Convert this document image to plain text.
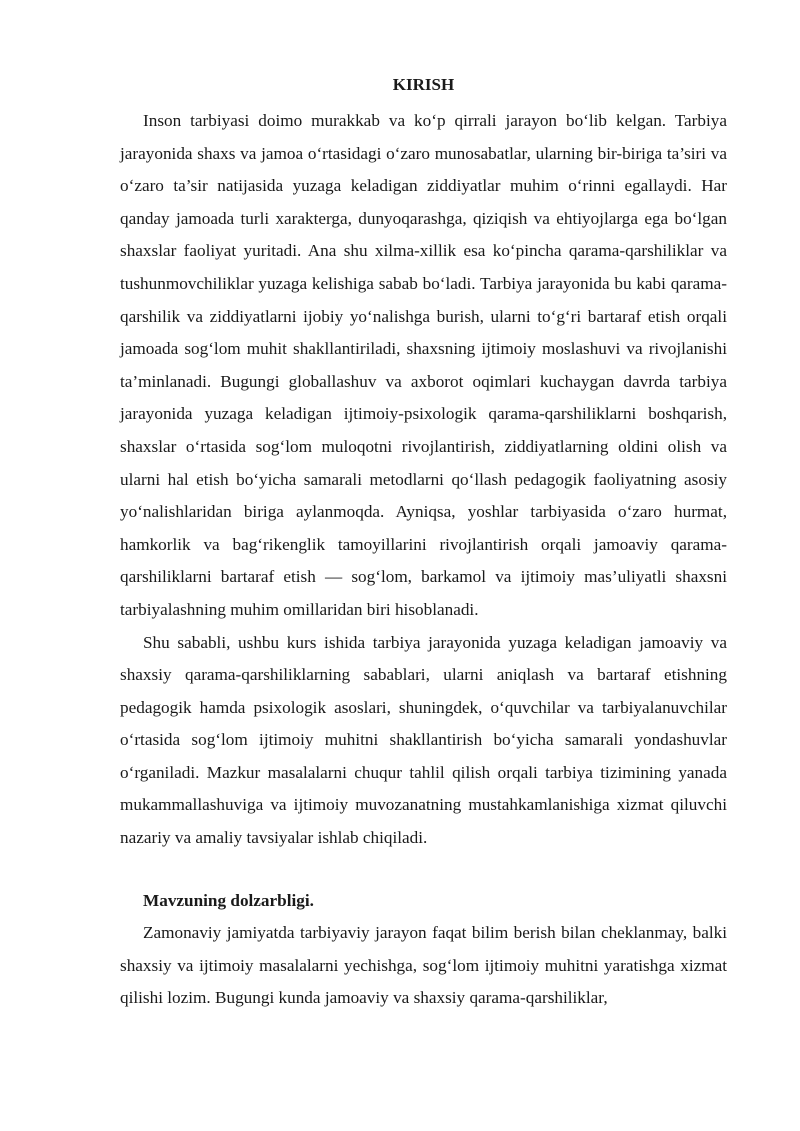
KIRISH

Inson tarbiyasi doimo murakkab va ko‘p qirrali jarayon bo‘lib kelgan. Tarbiya jarayonida shaxs va jamoa o‘rtasidagi o‘zaro munosabatlar, ularning bir-biriga ta’siri va o‘zaro ta’sir natijasida yuzaga keladigan ziddiyatlar muhim o‘rinni egallaydi. Har qanday jamoada turli xarakterga, dunyoqarashga, qiziqish va ehtiyojlarga ega bo‘lgan shaxslar faoliyat yuritadi. Ana shu xilma-xillik esa ko‘pincha qarama-qarshiliklar va tushunmovchiliklar yuzaga kelishiga sabab bo‘ladi. Tarbiya jarayonida bu kabi qarama-qarshilik va ziddiyatlarni ijobiy yo‘nalishga burish, ularni to‘g‘ri bartaraf etish orqali jamoada sog‘lom muhit shakllantiriladi, shaxsning ijtimoiy moslashuvi va rivojlanishi ta’minlanadi. Bugungi globallashuv va axborot oqimlari kuchaygan davrda tarbiya jarayonida yuzaga keladigan ijtimoiy-psixologik qarama-qarshiliklarni boshqarish, shaxslar o‘rtasida sog‘lom muloqotni rivojlantirish, ziddiyatlarning oldini olish va ularni hal etish bo‘yicha samarali metodlarni qo‘llash pedagogik faoliyatning asosiy yo‘nalishlaridan biriga aylanmoqda. Ayniqsa, yoshlar tarbiyasida o‘zaro hurmat, hamkorlik va bag‘rikenglik tamoyillarini rivojlantirish orqali jamoaviy qarama-qarshiliklarni bartaraf etish — sog‘lom, barkamol va ijtimoiy mas’uliyatli shaxsni tarbiyalashning muhim omillaridan biri hisoblanadi.

Shu sababli, ushbu kurs ishida tarbiya jarayonida yuzaga keladigan jamoaviy va shaxsiy qarama-qarshiliklarning sabablari, ularni aniqlash va bartaraf etishning pedagogik hamda psixologik asoslari, shuningdek, o‘quvchilar va tarbiyalanuvchilar o‘rtasida sog‘lom ijtimoiy muhitni shakllantirish bo‘yicha samarali yondashuvlar o‘rganiladi. Mazkur masalalarni chuqur tahlil qilish orqali tarbiya tizimining yanada mukammallashuviga va ijtimoiy muvozanatning mustahkamlanishiga xizmat qiluvchi nazariy va amaliy tavsiyalar ishlab chiqiladi.

Mavzuning dolzarbligi.

Zamonaviy jamiyatda tarbiyaviy jarayon faqat bilim berish bilan cheklanmay, balki shaxsiy va ijtimoiy masalalarni yechishga, sog‘lom ijtimoiy muhitni yaratishga xizmat qilishi lozim. Bugungi kunda jamoaviy va shaxsiy qarama-qarshiliklar,
